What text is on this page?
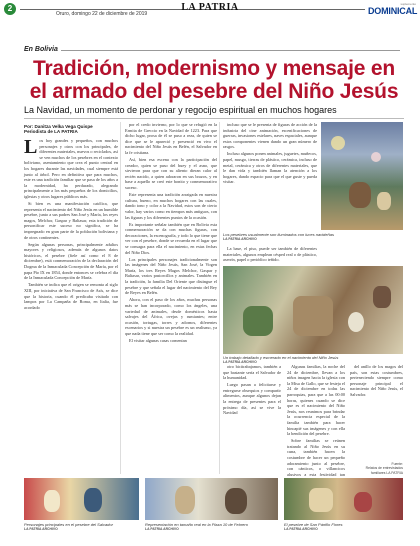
2
Oruro, domingo 22 de diciembre de 2019
LA PATRIA	suplemento
DOMINICAL
En Bolivia
Tradición, modernismo y mensaje en el armado del pesebre del Niño Jesús
La Navidad, un momento de perdonar y regocijo espiritual en muchos hogares
Por: Danitza Velka Vega Quispe
Periodista de LA PATRIA

Los hoy grandes y pequeños, con muchos personajes y otros con los principales, de diferentes materiales, nuevos o reciclados, así se ven muchos de los pesebres en el contexto boliviano, asentamiento que crea el punto central en los hogares durante las navidades, cual siempre está junto al árbol. Pero en definitiva que para muchos, este es una tradición familiar que se pasa de los años a la modernidad, ha perdurado, alegrando principalmente a los más pequeños de los domicilios, iglesias y otros lugares públicos más.

Si bien es una manifestación católica, que representa el nacimiento del Niño Jesús en un humilde pesebre, junto a sus padres San José y María, los reyes magos, Melchor, Gaspar y Baltasar, esta tradición de personificar este suceso no significa, se ha impregnado en gran parte de la población boliviana y de otros continentes.

Según algunas personas, principalmente adultos mayores y religiosos, además de algunos datos históricos, el pesebre (fiele así como el 8 de diciembre), está conmemoración de la declaración del Dogma de la Inmaculada Concepción de María, por el papa Pío IX en 1854, donde entonces se celebra el día de la Inmaculada Concepción de María.

También se indica que el origen se remonta al siglo XIII, por iniciativa de San Francisco de Asís, se dice que la historia, cuando él predicaba visitado con lampos por La Campaña de Roma, en Italia, fue acordado

por el credo invierno, por lo que se refugió en la Ermita de Greccio en la Navidad de 1223. Para que dicho lugar, prosa de él se puso a reza, de quien se dice que se le apareció y presenció en vivo el nacimiento del Niño Jesús en Belén, el Salvador en la fe cristiana.

Así, bien esa escena con la participación del creador, quien se puso del buey y el asno, que sirvieron para que con su aliento dieran calor al recién nacido, a quien adoraron en sus brazos, y en base a aquello se creó este bonito y conmemorativo suceso.

Este representa una tradición arraigada en nuestra cultura, bueno, en muchos hogares con las cuales, dando tono y color a la Navidad, estos son de cierto valor, hay varios como en tiempos más antiguos, con las figuras y los diferentes puntos de la ocasión.

Es importante señalar también que en Bolivia esta conmemoración se da con muchas figuras, con decoraciones, la escenografía, y todo lo que tiene que ver con el pesebre, donde se recuerda en el lugar que se consagra para ella el nacimiento, en estas fechas del Niño Dios.

Los principales personajes tradicionalmente son las imágenes del Niño Jesús, San José, la Virgen María, los tres Reyes Magos Melchor, Gaspar y Baltasar, varios pastorcillos y animales. También en la tradición, la familia Del Oriente que distingue el pesebre y que señala el lugar del nacimiento del Rey de Reyes en Belén.

Ahora, con el paso de los años, muchas personas más se han incorporado, como los ángeles, una variedad de animales, desde domésticos hasta salvajes del África, ovejas y rumiantes; entre ocasión, tortugas, torres y adornos, diferentes escenarios y si nuestra un pesebre es un realismo, ya que nada tiene que ser como la realidad.

El visitar algunas casas comentan

incluso que se le presenta de figuras de acción de la industria del cine animación, escenificaciones de guerras, invasiones estelares, naves espaciales, aunque estos componentes vienen dando un gran número de rasgos.

Incluso algunos ponen animales, juguetes, muñecos, papel, musgo, tierras de plástico, cerámica, incluso de metal, cerámica y otros de diferentes materiales, que le dan vida y también llaman la atención a los hogares, dando espacio para que el que guste y pueda visitar.

Los pesebres usualmente son iluminados con luces navideñas
LA PATRIA ARCHIVO

La base, el piso, puede ser también de diferentes materiales, algunos emplean césped real o de plástico, aserrín, papel o periódico teñido.

Un trabajo detallado y esmerado en el nacimiento del Niño Jesús
LA PATRIA ARCHIVO

otro bicitrabajamos, también a que bastante sería el Salvador de la humanidad.

Luego pasan a felicitarse y entregarse obsequios y compartir alimentos, aunque algunos dejan la entrega de presentes para el próximo día, así se vive la Navidad

Algunas familias, la noche del 24 de diciembre, llevan a los niños imagen hacia la iglesia con la Misa de Gallo, que se festeja el 24 de diciembre en todas las parroquias, para que a las 00:00 horas, quienes cuando se dice que es el nacimiento del Niño Jesús, nos reunimos para brindar la ocurrencia especial de la familia también para hacer hincapié sus imágenes y con ella la bendición del pesebre.

Sobre familias se reúnen tratando al Niño Jesús en su cuna, también hacen la costumbre de hacer un pequeño adoramiento junto al pesebre, con cánticos, o villancicos alusivos a esta festividad tan

del anillo de los magos del país, son estas costumbres, perteneciendo siempre como personaje principal el nacimiento del Niño Jesús, el Salvador.

Fuente:
Relatos de entrevistados
familiares LA PATRIA
Personajes principales en el pesebre del Salvador
LA PATRIA ARCHIVO
Representación en tamaño real en la Plaza 10 de Febrero
LA PATRIA ARCHIVO
El pesebre de San Pánfilo Flores
LA PATRIA ARCHIVO
